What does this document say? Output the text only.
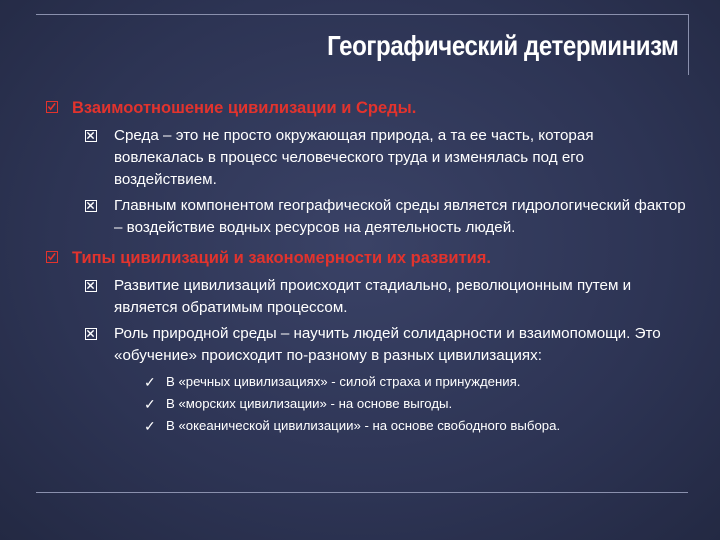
Географический детерминизм
Взаимоотношение цивилизации и Среды.
Среда – это не просто окружающая природа, а та ее часть, которая вовлекалась в процесс человеческого труда и изменялась под его воздействием.
Главным компонентом географической среды является гидрологический фактор – воздействие водных ресурсов на деятельность людей.
Типы цивилизаций и закономерности их развития.
Развитие цивилизаций происходит стадиально, революционным путем и является обратимым процессом.
Роль природной среды – научить людей солидарности и взаимопомощи. Это «обучение» происходит по-разному в разных цивилизациях:
✓ В «речных цивилизациях» - силой страха и принуждения.
✓ В «морских цивилизации» - на основе выгоды.
✓ В «океанической цивилизации» - на основе свободного выбора.
